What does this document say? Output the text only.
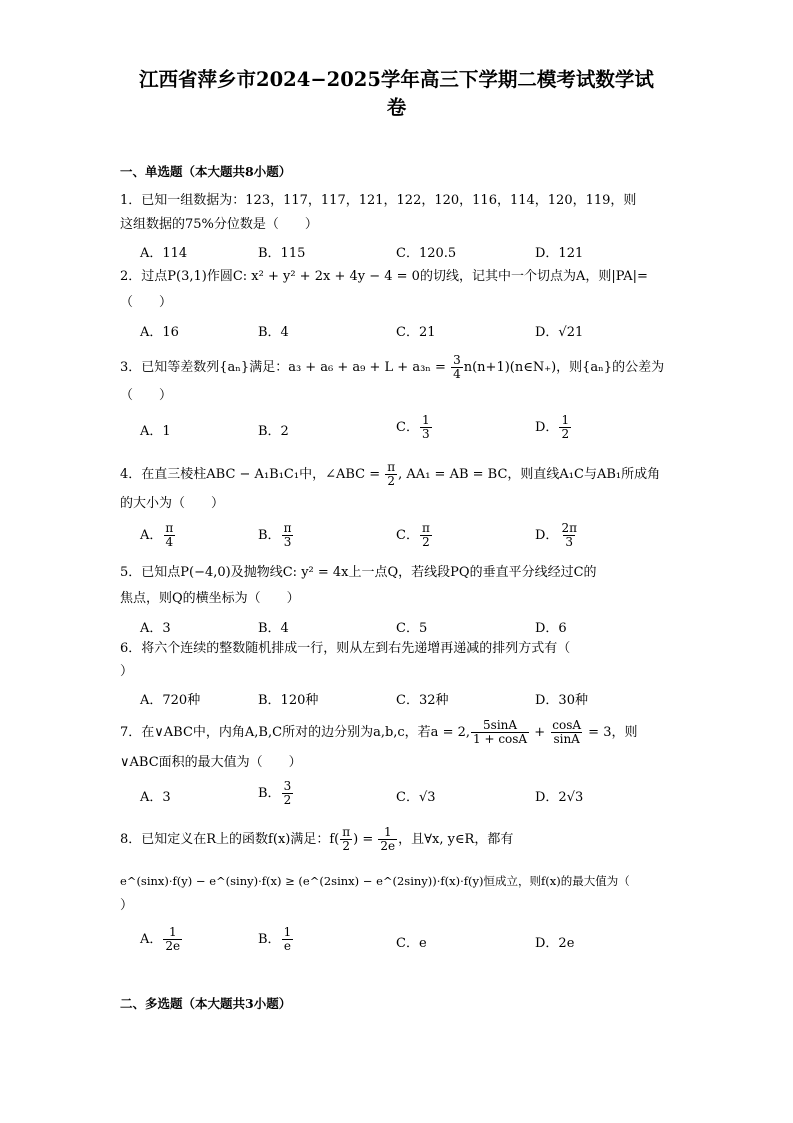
江西省萍乡市2024−2025学年高三下学期二模考试数学试
卷
一、单选题（本大题共8小题）
1．已知一组数据为：123，117，117，121，122，120，116，114，120，119，则
这组数据的75%分位数是（　　）
A．114	B．115	C．120.5	D．121
2．过点P(3,1)作圆C: x² + y² + 2x + 4y − 4 = 0的切线，记其中一个切点为A，则|PA|=
（　　）
A．16	B．4	C．21	D．√21
3．已知等差数列{aₙ}满足：$a_3 + a_6 + a_9 + L + a_{3n} = \frac{3}{4}$ n(n+1)(n∈N₊)，则{aₙ}的公差为
（　　）
A．1	B．2	C． $\frac{1}{3}$	D． $\frac{1}{2}$
4．在直三棱柱ABC − A₁B₁C₁中，∠ABC = $\frac{\pi}{2}$ , AA₁ = AB = BC，则直线A₁C与AB₁所成角
的大小为（　　）
A． $\frac{\pi}{4}$	B． $\frac{\pi}{3}$	C． $\frac{\pi}{2}$	D． $\frac{2\pi}{3}$
5．已知点P(−4,0)及抛物线C: y² = 4x上一点Q，若线段PQ的垂直平分线经过C的
焦点，则Q的横坐标为（　　）
A．3	B．4	C．5	D．6
6．将六个连续的整数随机排成一行，则从左到右先递增再递减的排列方式有（
）
A．720种	B．120种	C．32种	D．30种
7．在∨ABC中，内角A,B,C所对的边分别为a,b,c，若a = 2, $\frac{5\sin A}{1 + \cos A} + \frac{\cos A}{\sin A} = 3$，则
∨ABC面积的最大值为（　　）
A．3	B． $\frac{3}{2}$	C．√3	D．2√3
8．已知定义在R上的函数f(x)满足：$f( \frac{\pi}{2}$ ) = $\frac{1}{2e}$ ，且∀x, y∈R，都有
e^(sinx)·f(y) − e^(siny)·f(x) ≥ (e^(2sinx) − e^(2siny))·f(x)·f(y)恒成立，则f(x)的最大值为（
）
A． $\frac{1}{2e}$	B． $\frac{1}{e}$	C．e	D．2e
二、多选题（本大题共3小题）
